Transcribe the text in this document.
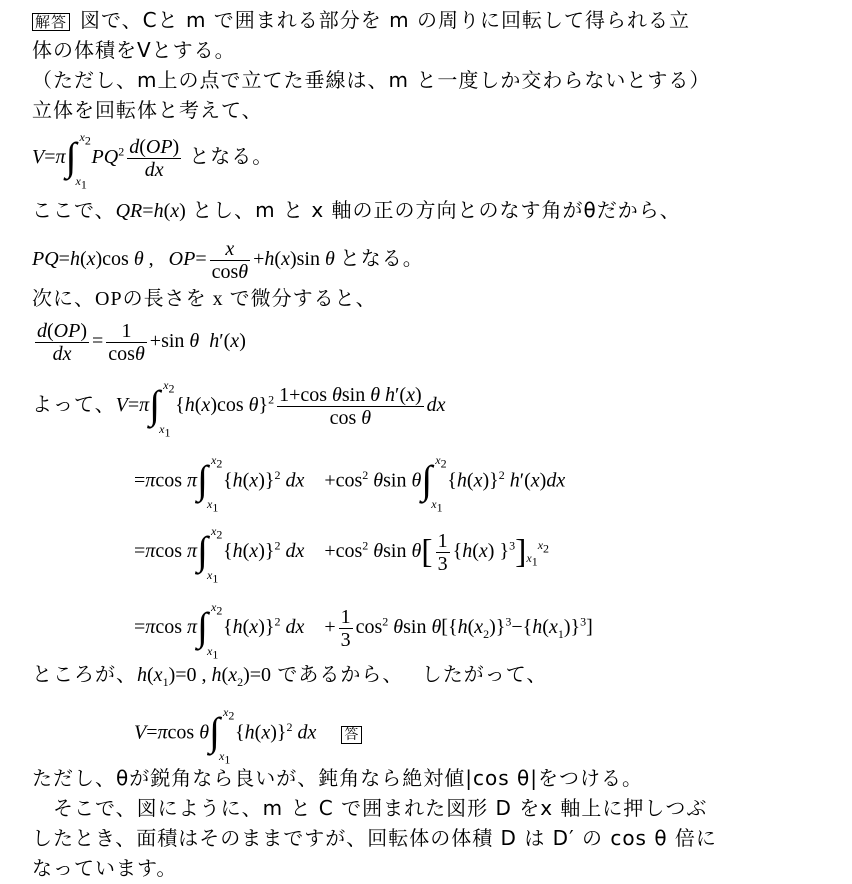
解答 図で、Cと m で囲まれる部分を m の周りに回転して得られる立
体の体積をVとする。
（ただし、m上の点で立てた垂線は、m と一度しか交わらないとする）
立体を回転体と考えて、
V=π ∫ $x_2$
$x_1$
$PQ^2 \frac{d(OP)}{dx}$ となる。
ここで、QR=h(x) とし、m と x 軸の正の方向とのなす角がθだから、
PQ=h(x)cos θ ,   $OP= \frac{x}{\cos\theta} +h(x)\sin$ θ となる。
次に、OPの長さを x で微分すると、
$\frac{d(OP)}{dx} = \frac{1}{\cos\theta} +\sin$ θ h′(x)
よって、V=π ∫ $x_2$
$x_1$
{h(x)cos $\theta\}^2 \frac{\text{1+cos θsin θ h′(x)}}{\text{cos θ}}$ dx
=πcos π ∫ $x_2$
$x_1$
$\{h(x)\}^2$ dx    $+\cos^2$ θsin θ ∫ $x_2$
$x_1$
$\{h(x)\}^2$ h′(x)dx
=πcos π ∫ $x_2$
$x_1$
$\{h(x)\}^2$ dx    $+\cos^2$ θsin $\theta[ \frac{1}{3} \{h(x)$ }$^3]_{x_1}^{x_2}$
=πcos π ∫ $x_2$
$x_1$
$\{h(x)\}^2$ dx    + $\frac{1}{3} \cos^2 \theta\sin$ $\theta[\{h(x_2)\}^3-\{h(x_1)\}^3]$
ところが、$h(x_1)=0$ , $h(x_2)=0$ であるから、　 したがって、
V=πcos θ ∫ $x_2$
$x_1$
$\{h(x)\}^2$ dx 答
ただし、θが鋭角なら良いが、鈍角なら絶対値|cos θ|をつける。
　そこで、図にように、m と C で囲まれた図形 D をx 軸上に押しつぶ
したとき、面積はそのままですが、回転体の体積 D は D′ の cos θ 倍に
なっています。
